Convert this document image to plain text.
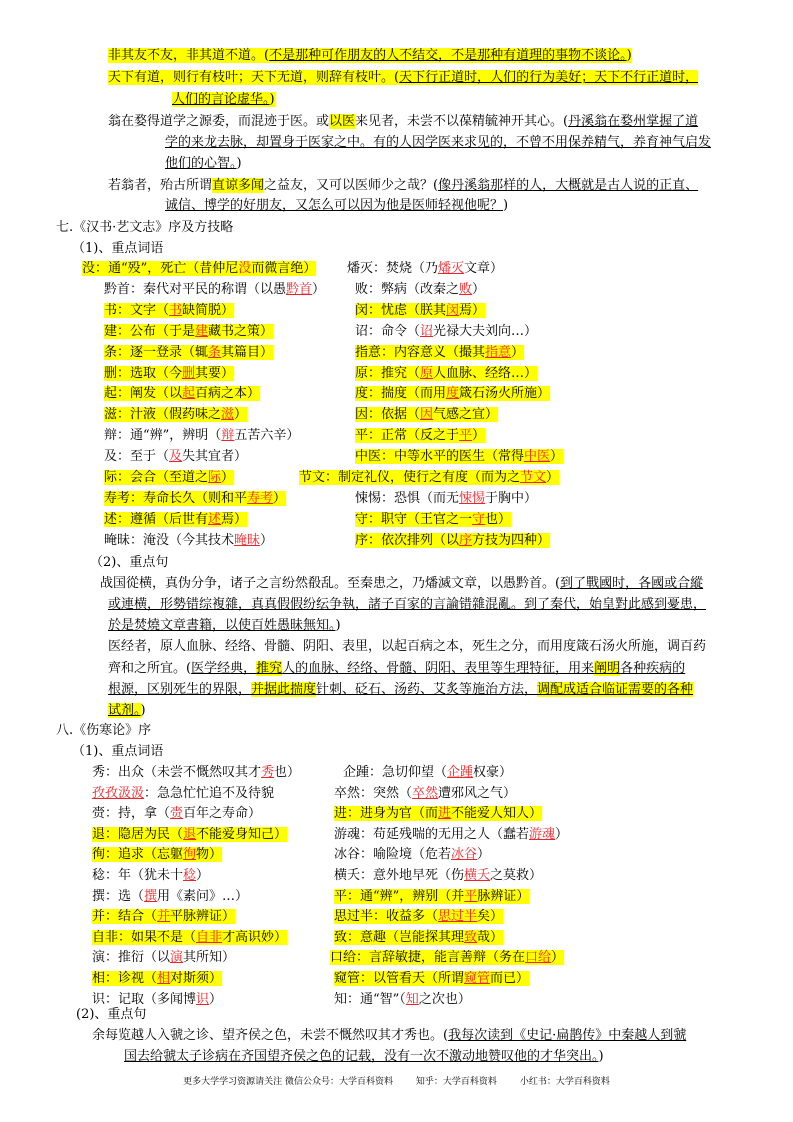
非其友不友，非其道不道。(不是那种可作朋友的人不结交，不是那种有道理的事物不谈论。)
天下有道，则行有枝叶；天下无道，则辞有枝叶。(天下行正道时，人们的行为美好；天下不行正道时，
人们的言论虚华。)
翁在婺得道学之源委，而混迹于医。或以医来见者，未尝不以葆精毓神开其心。(丹溪翁在婺州掌握了道
学的来龙去脉，却置身于医家之中。有的人因学医来求见的，不曾不用保养精气，养育神气启发
他们的心智。)
若翁者，殆古所谓直谅多闻之益友，又可以医师少之哉？(像丹溪翁那样的人，大概就是古人说的正直、
诚信、博学的好朋友，又怎么可以因为他是医师轻视他呢？)
七.《汉书·艺文志》序及方技略
（1)、重点词语
没：通“殁”，死亡（昔仲尼没而微言绝） 燔灭：焚烧（乃燔灭文章）
黔首：秦代对平民的称谓（以愚黔首） 败：弊病（改秦之败）
书：文字（书缺简脱）	闵：忧虑（朕其闵焉）
建：公布（于是建藏书之策）	诏：命令（诏光禄大夫刘向…）
条：逐一登录（辄条其篇目）	指意：内容意义（撮其指意）
删：选取（今删其要）	原：推究（原人血脉、经络…）
起：阐发（以起百病之本）	度：揣度（而用度箴石汤火所施）
滋：汁液（假药味之滋）	因：依据（因气感之宜）
辩：通“辨”，辨明（辩五苦六辛）	平：正常（反之于平）
及：至于（及失其宜者）	中医：中等水平的医生（常得中医）
际：会合（至道之际）	节文：制定礼仪，使行之有度（而为之节文）
寿考：寿命长久（则和平寿考）	悚惕：恐惧（而无悚惕于胸中）
述：遵循（后世有述焉）	守：职守（王官之一守也）
晻昧：淹没（今其技术晻昧）	序：依次排列（以序方技为四种）
（2)、重点句
战国從横，真伪分争，诸子之言纷然殽乱。至秦患之，乃燔滅文章，以愚黔首。(到了戰國时，各國或合縱
或連横，形勢错综複雜，真真假假纷纭争執，諸子百家的言論错雜混亂。到了秦代，始皇對此感到憂患，
於是焚燒文章書籍，以使百姓愚昧無知。)
医经者，原人血脉、经络、骨髓、阴阳、表里，以起百病之本，死生之分，而用度箴石汤火所施，调百药
齊和之所宜。(医学经典，推究人的血脉、经络、骨髓、阴阳、表里等生理特征，用来阐明各种疾病的
根源，区别死生的界限，并据此揣度针刺、砭石、汤药、艾炙等施治方法，调配成适合临证需要的各种
试剂。)
八.《伤寒论》序
（1)、重点词语
秀：出众（未尝不慨然叹其才秀也）	企踵：急切仰望（企踵权豪）
孜孜汲汲：急急忙忙追不及待貌	卒然：突然（卒然遭邪风之气）
赍：持，拿（赍百年之寿命）	进：进身为官（而进不能爱人知人）
退：隐居为民（退不能爱身知己）	游魂：苟延残喘的无用之人（蠢若游魂）
徇：追求（忘躯徇物）	冰谷：喻险境（危若冰谷）
稔：年（犹未十稔）	横夭：意外地早死（伤横夭之莫救）
撰：选（撰用《素问》…）	平：通“辨”，辨别（并平脉辨证）
并：结合（并平脉辨证）	思过半：收益多（思过半矣）
自非：如果不是（自非才高识妙）	致：意趣（岂能探其理致哉）
演：推衍（以演其所知）	口给：言辞敏捷，能言善辩（务在口给）
相：诊视（相对斯须）	窥管：以管看天（所谓窥管而已）
识：记取（多闻博识）	知：通“智”（知之次也）
(2)、重点句
余每览越人入虢之诊、望齐侯之色，未尝不慨然叹其才秀也。(我每次读到《史记·扁鹊传》中秦越人到虢
国去给虢太子诊病在齐国望齐侯之色的记载，没有一次不激动地赞叹他的才华突出。)
更多大学学习资源请关注 微信公众号：大学百科资料	知乎：大学百科资料	小红书：大学百科资料
